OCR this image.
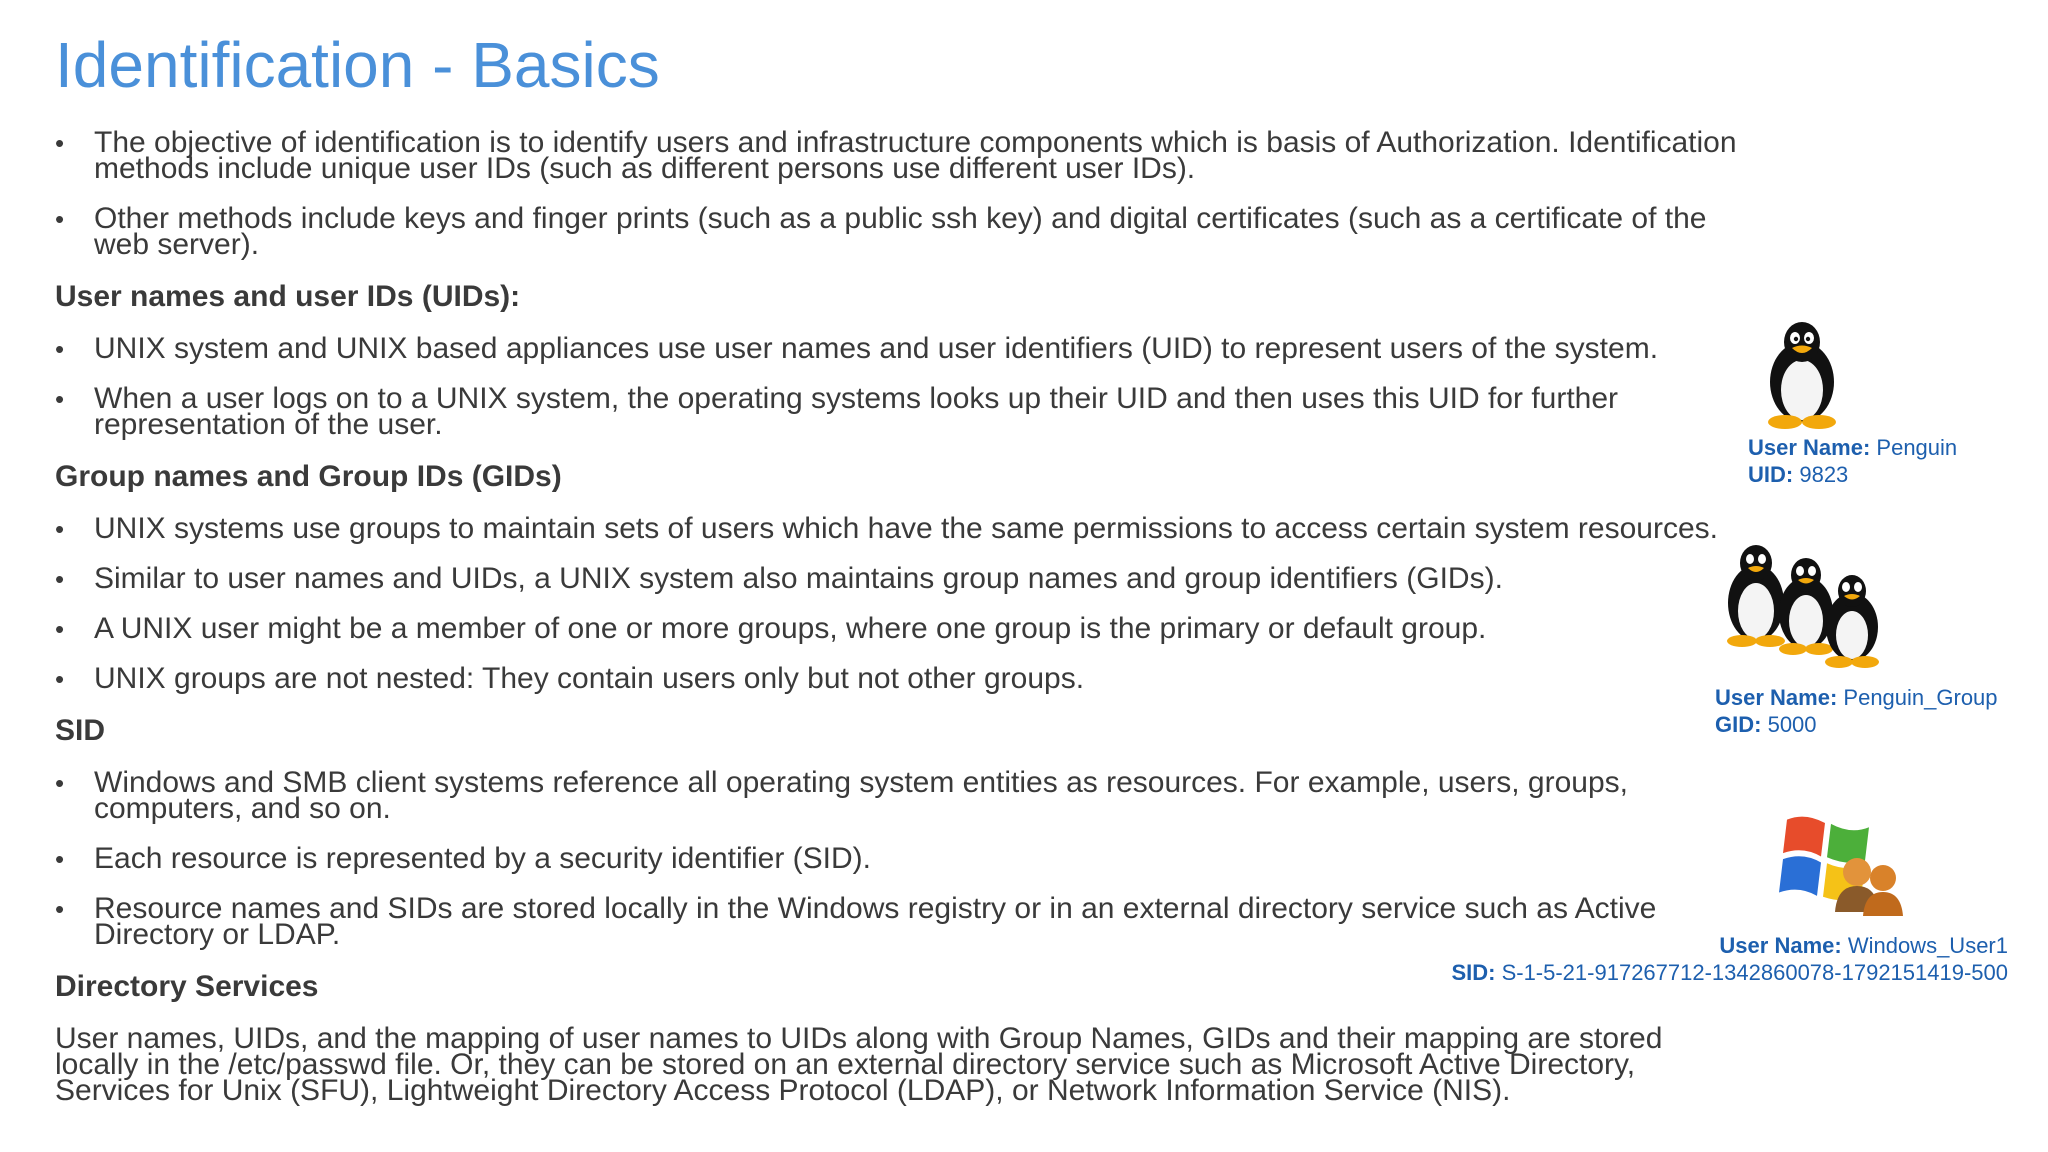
Identification - Basics
• The objective of identification is to identify users and infrastructure components which is basis of Authorization. Identification methods include unique user IDs (such as different persons use different user IDs).
• Other methods include keys and finger prints (such as a public ssh key) and digital certificates (such as a certificate of the web server).
User names and user IDs (UIDs):
• UNIX system and UNIX based appliances use user names and user identifiers (UID) to represent users of the system.
• When a user logs on to a UNIX system, the operating systems looks up their UID and then uses this UID for further representation of the user.
Group names and Group IDs (GIDs)
• UNIX systems use groups to maintain sets of users which have the same permissions to access certain system resources.
• Similar to user names and UIDs, a UNIX system also maintains group names and group identifiers (GIDs).
• A UNIX user might be a member of one or more groups, where one group is the primary or default group.
• UNIX groups are not nested: They contain users only but not other groups.
SID
• Windows and SMB client systems reference all operating system entities as resources. For example, users, groups, computers, and so on.
• Each resource is represented by a security identifier (SID).
• Resource names and SIDs are stored locally in the Windows registry or in an external directory service such as Active Directory or LDAP.
Directory Services
User names, UIDs, and the mapping of user names to UIDs along with Group Names, GIDs and their mapping are stored locally in the /etc/passwd file. Or, they can be stored on an external directory service such as Microsoft Active Directory, Services for Unix (SFU), Lightweight Directory Access Protocol (LDAP), or Network Information Service (NIS).
User Name: Penguin
UID: 9823
User Name: Penguin_Group
GID: 5000
User Name: Windows_User1
SID: S-1-5-21-917267712-1342860078-1792151419-500
